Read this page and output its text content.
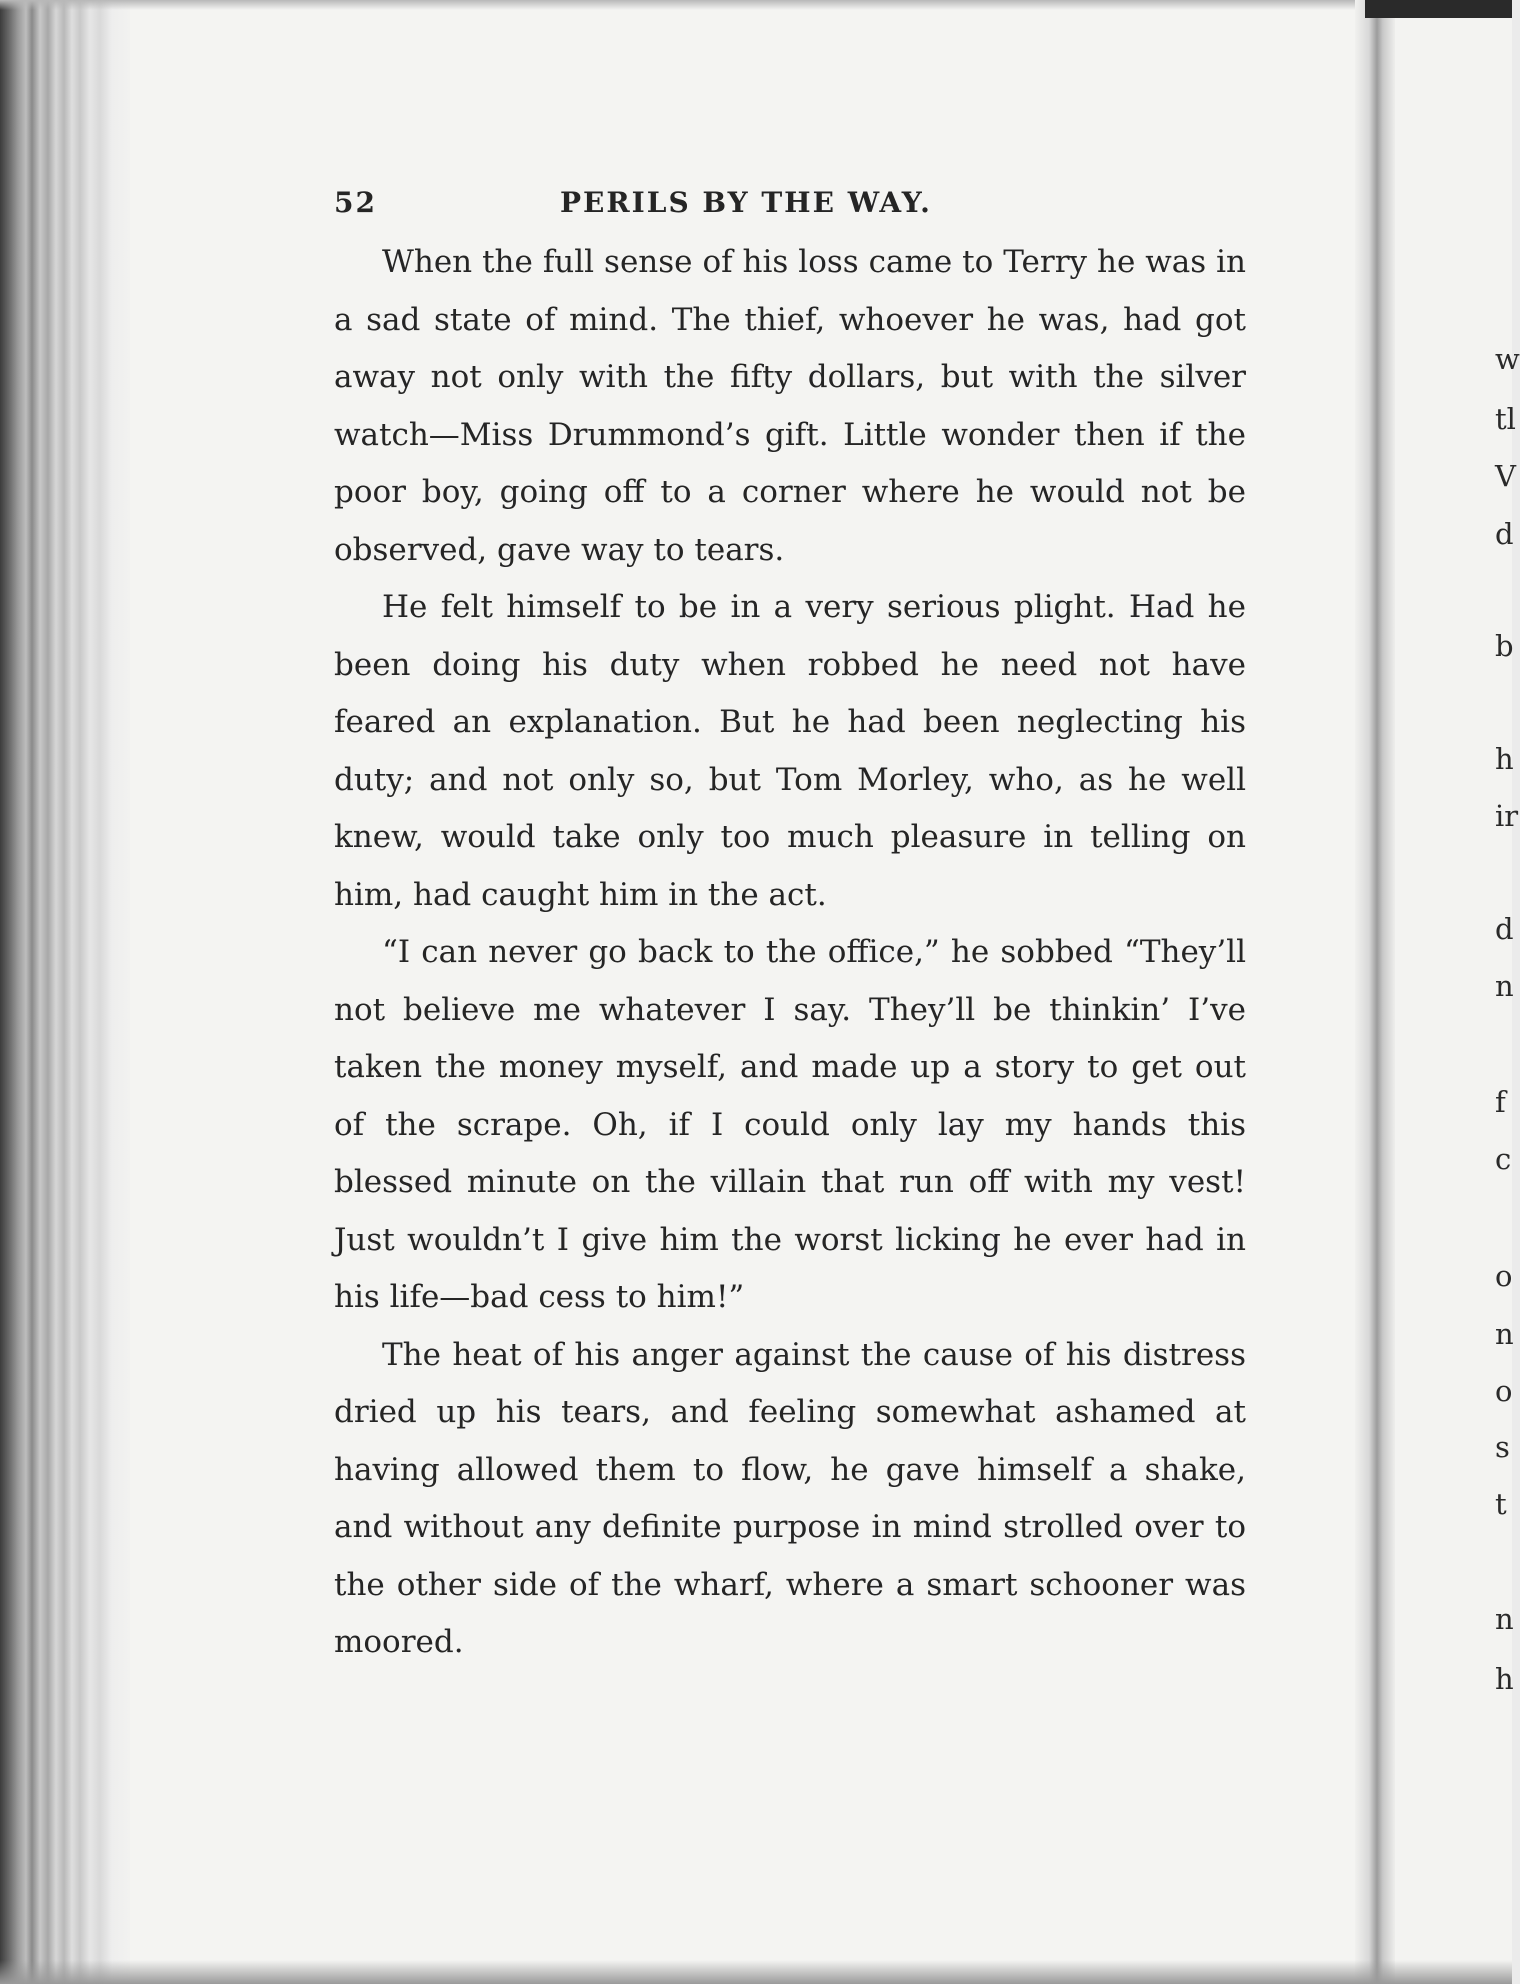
w
tl
V
d
b
h
ir
d
n
f
c
o
n
o
s
t
n
h
52	PERILS BY THE WAY.

When the full sense of his loss came to Terry he was in a sad state of mind. The thief, whoever he was, had got away not only with the fifty dollars, but with the silver watch—Miss Drummond’s gift. Little wonder then if the poor boy, going off to a corner where he would not be observed, gave way to tears.

He felt himself to be in a very serious plight. Had he been doing his duty when robbed he need not have feared an explanation. But he had been neglecting his duty; and not only so, but Tom Morley, who, as he well knew, would take only too much pleasure in telling on him, had caught him in the act.

“I can never go back to the office,” he sobbed “They’ll not believe me whatever I say. They’ll be thinkin’ I’ve taken the money myself, and made up a story to get out of the scrape. Oh, if I could only lay my hands this blessed minute on the villain that run off with my vest! Just wouldn’t I give him the worst licking he ever had in his life—bad cess to him!”

The heat of his anger against the cause of his distress dried up his tears, and feeling somewhat ashamed at having allowed them to flow, he gave himself a shake, and without any definite purpose in mind strolled over to the other side of the wharf, where a smart schooner was moored.
